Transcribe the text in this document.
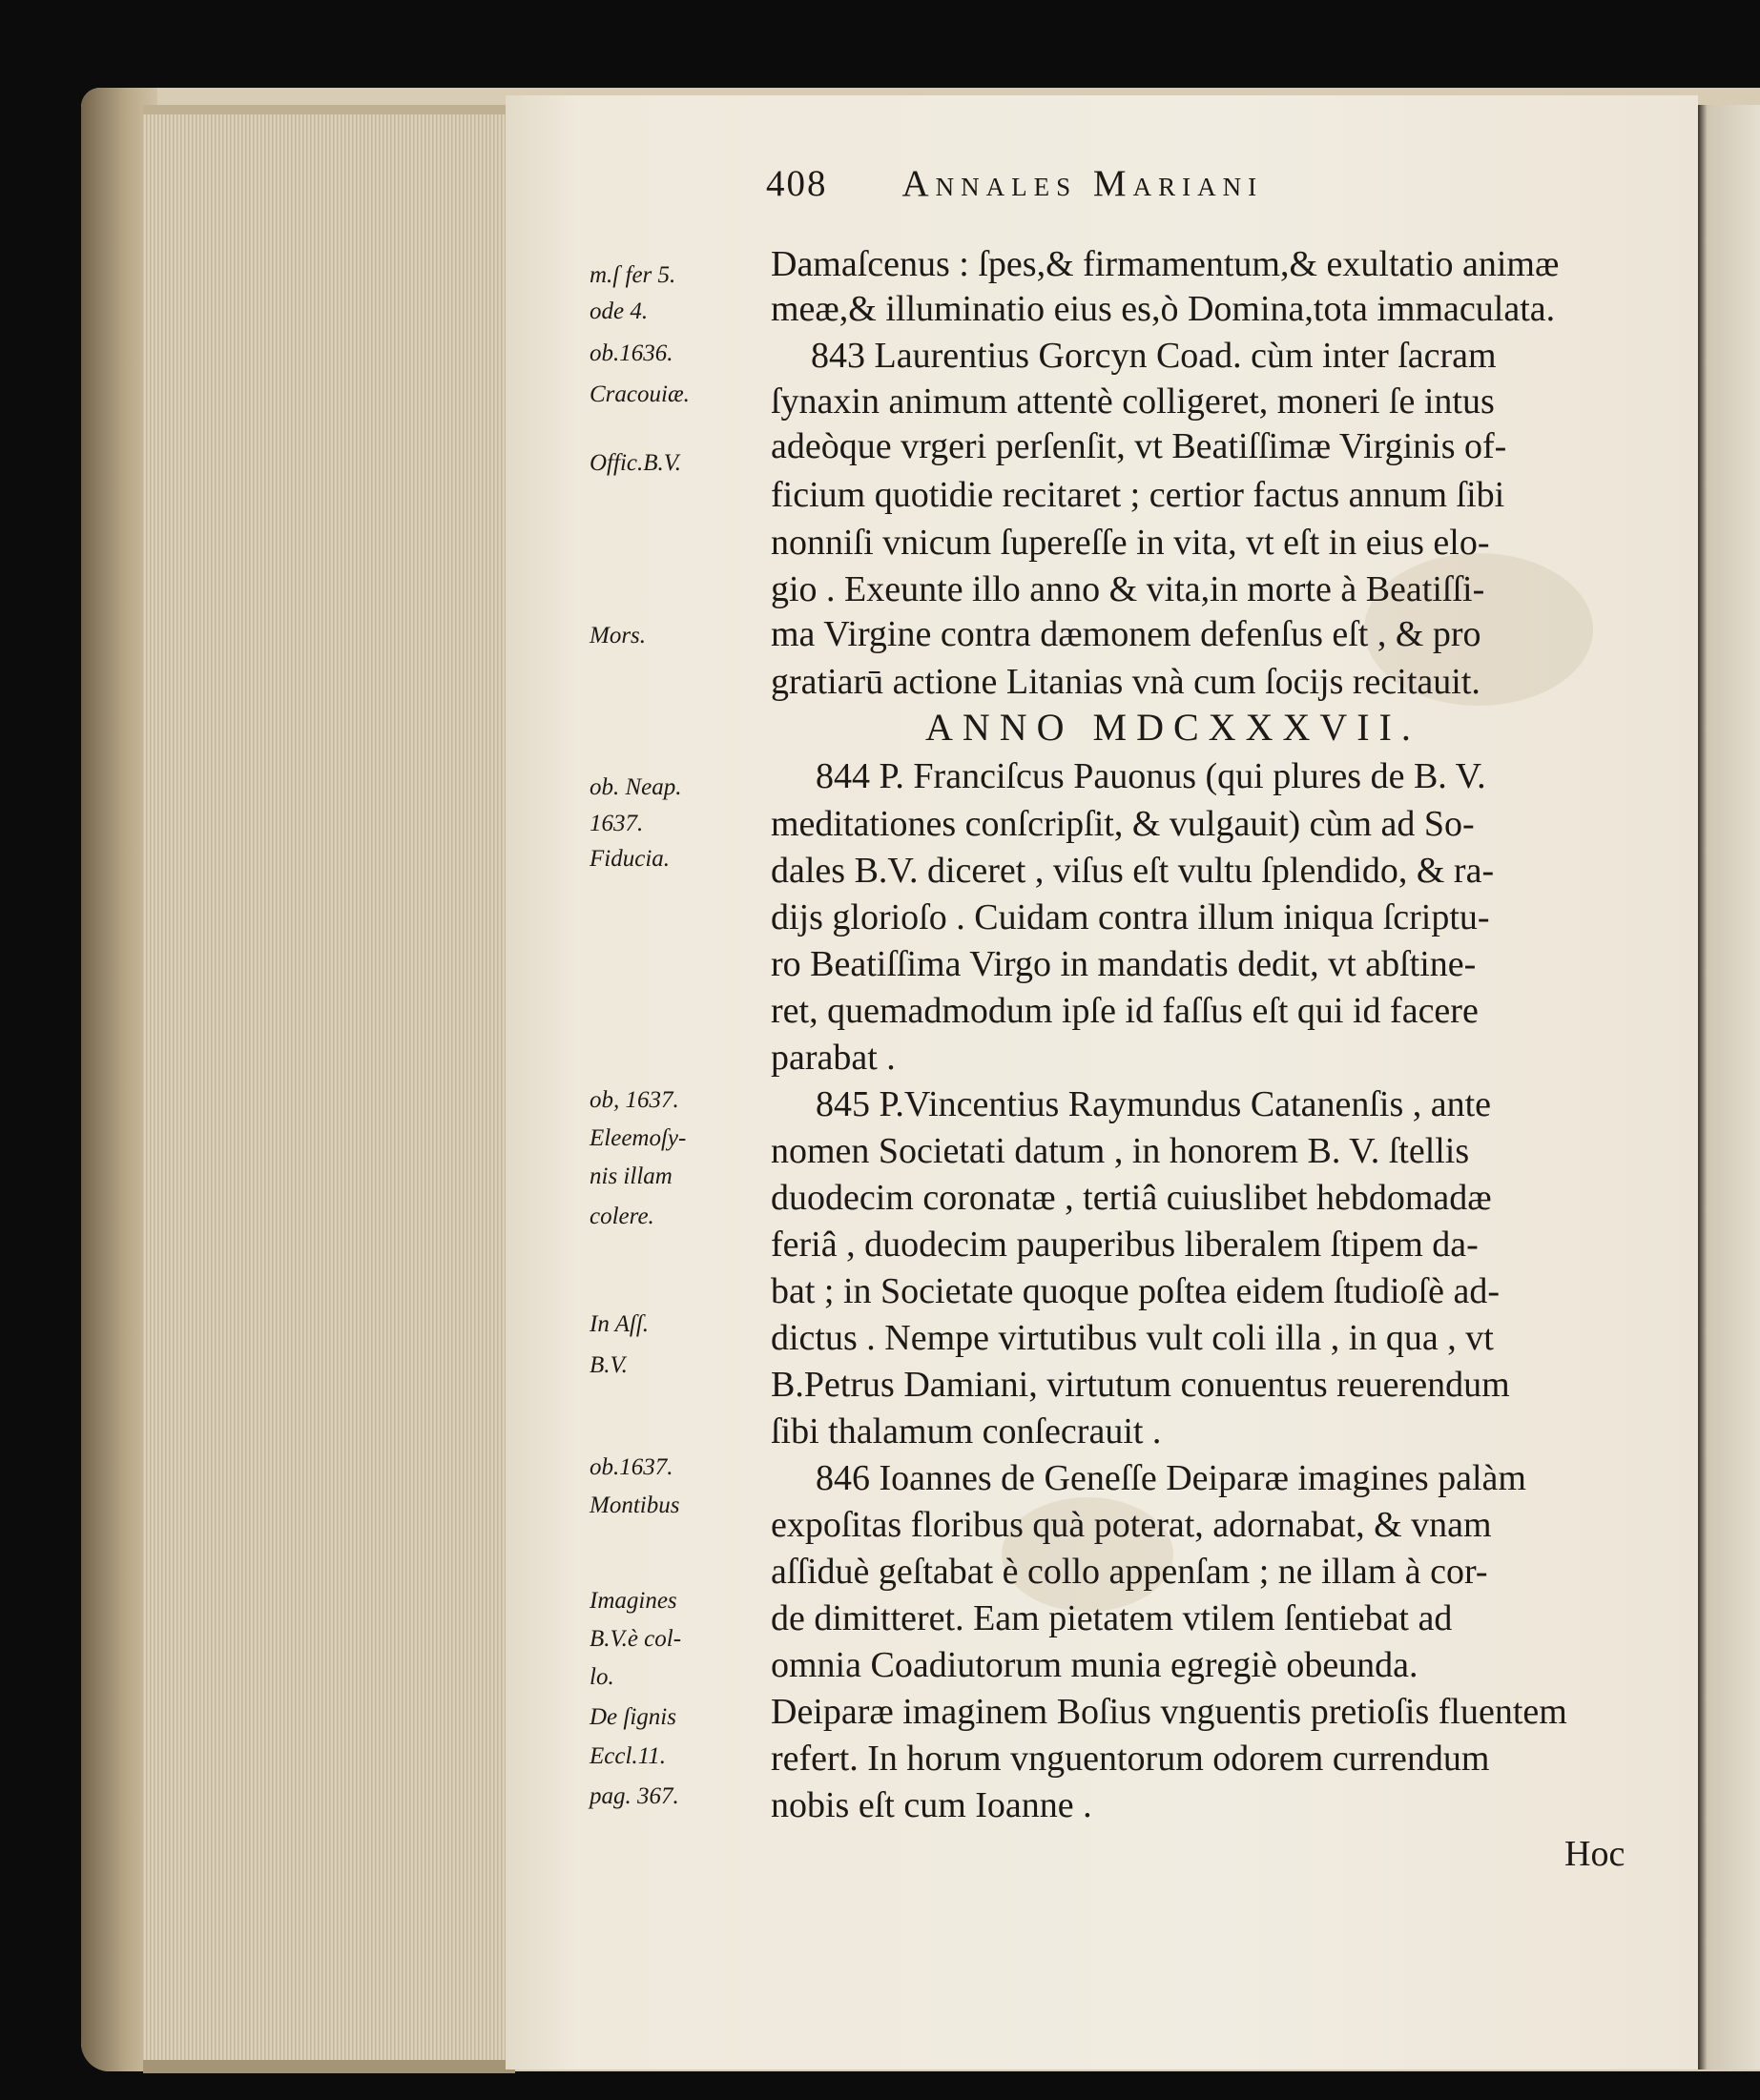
408 Annales Mariani
m.ſ fer 5.
ode 4.
ob.1636.
Cracouiæ.
Offic.B.V.
Mors.
ob. Neap.
1637.
Fiducia.
ob, 1637.
Eleemoſy-
nis illam
colere.
In Aſſ.
B.V.
ob.1637.
Montibus
Imagines
B.V.è col-
lo.
De ſignis
Eccl.11.
pag. 367.
Damaſcenus : ſpes,& firmamentum,& exultatio animæ
meæ,& illuminatio eius es,ò Domina,tota immaculata.
843 Laurentius Gorcyn Coad. cùm inter ſacram
ſynaxin animum attentè colligeret, moneri ſe intus
adeòque vrgeri perſenſit, vt Beatiſſimæ Virginis of-
ficium quotidie recitaret ; certior factus annum ſibi
nonniſi vnicum ſupereſſe in vita, vt eſt in eius elo-
gio . Exeunte illo anno & vita,in morte à Beatiſſi-
ma Virgine contra dæmonem defenſus eſt , & pro
gratiarū actione Litanias vnà cum ſocijs recitauit.
ANNO MDCXXXVII.
844 P. Franciſcus Pauonus (qui plures de B. V.
meditationes conſcripſit, & vulgauit) cùm ad So-
dales B.V. diceret , viſus eſt vultu ſplendido, & ra-
dijs glorioſo . Cuidam contra illum iniqua ſcriptu-
ro Beatiſſima Virgo in mandatis dedit, vt abſtine-
ret, quemadmodum ipſe id faſſus eſt qui id facere
parabat .
845 P.Vincentius Raymundus Catanenſis , ante
nomen Societati datum , in honorem B. V. ſtellis
duodecim coronatæ , tertiâ cuiuslibet hebdomadæ
feriâ , duodecim pauperibus liberalem ſtipem da-
bat ; in Societate quoque poſtea eidem ſtudioſè ad-
dictus . Nempe virtutibus vult coli illa , in qua , vt
B.Petrus Damiani, virtutum conuentus reuerendum
ſibi thalamum conſecrauit .
846 Ioannes de Geneſſe Deiparæ imagines palàm
expoſitas floribus quà poterat, adornabat, & vnam
aſſiduè geſtabat è collo appenſam ; ne illam à cor-
de dimitteret. Eam pietatem vtilem ſentiebat ad
omnia Coadiutorum munia egregiè obeunda.
Deiparæ imaginem Boſius vnguentis pretioſis fluentem
refert. In horum vnguentorum odorem currendum
nobis eſt cum Ioanne .
Hoc
